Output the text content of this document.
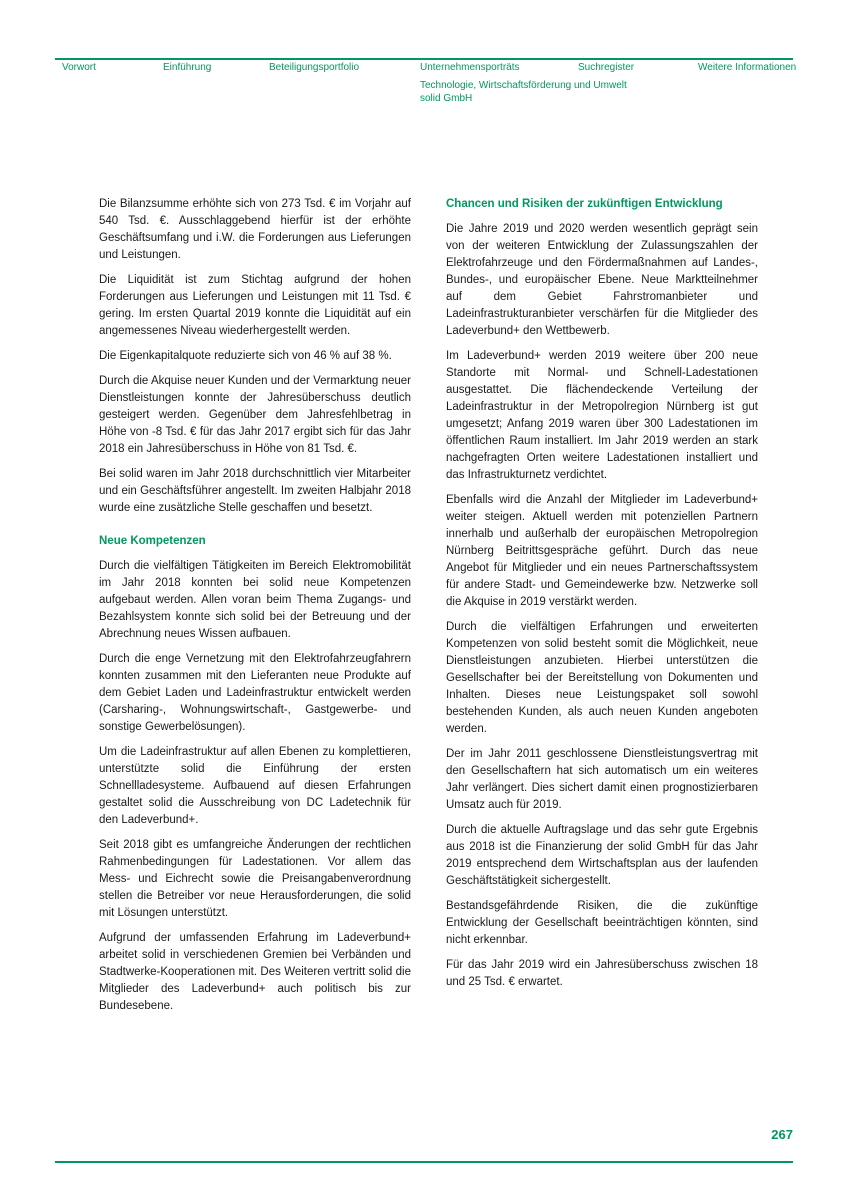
Vorwort	Einführung	Beteiligungsportfolio	Unternehmensporträts	Suchregister	Weitere Informationen
Technologie, Wirtschaftsförderung und Umwelt
solid GmbH

Die Bilanzsumme erhöhte sich von 273 Tsd. € im Vorjahr auf 540 Tsd. €. Ausschlaggebend hierfür ist der erhöhte Geschäftsumfang und i.W. die Forderungen aus Lieferungen und Leistungen.

Die Liquidität ist zum Stichtag aufgrund der hohen Forderungen aus Lieferungen und Leistungen mit 11 Tsd. € gering. Im ersten Quartal 2019 konnte die Liquidität auf ein angemessenes Niveau wiederhergestellt werden.

Die Eigenkapitalquote reduzierte sich von 46 % auf 38 %.

Durch die Akquise neuer Kunden und der Vermarktung neuer Dienstleistungen konnte der Jahresüberschuss deutlich gesteigert werden. Gegenüber dem Jahresfehlbetrag in Höhe von -8 Tsd. € für das Jahr 2017 ergibt sich für das Jahr 2018 ein Jahresüberschuss in Höhe von 81 Tsd. €.

Bei solid waren im Jahr 2018 durchschnittlich vier Mitarbeiter und ein Geschäftsführer angestellt. Im zweiten Halbjahr 2018 wurde eine zusätzliche Stelle geschaffen und besetzt.

Neue Kompetenzen

Durch die vielfältigen Tätigkeiten im Bereich Elektromobilität im Jahr 2018 konnten bei solid neue Kompetenzen aufgebaut werden. Allen voran beim Thema Zugangs- und Bezahlsystem konnte sich solid bei der Betreuung und der Abrechnung neues Wissen aufbauen.

Durch die enge Vernetzung mit den Elektrofahrzeugfahrern konnten zusammen mit den Lieferanten neue Produkte auf dem Gebiet Laden und Ladeinfrastruktur entwickelt werden (Carsharing-, Wohnungswirtschaft-, Gastgewerbe- und sonstige Gewerbelösungen).

Um die Ladeinfrastruktur auf allen Ebenen zu komplettieren, unterstützte solid die Einführung der ersten Schnellladesysteme. Aufbauend auf diesen Erfahrungen gestaltet solid die Ausschreibung von DC Ladetechnik für den Ladeverbund+.

Seit 2018 gibt es umfangreiche Änderungen der rechtlichen Rahmenbedingungen für Ladestationen. Vor allem das Mess- und Eichrecht sowie die Preisangabenverordnung stellen die Betreiber vor neue Herausforderungen, die solid mit Lösungen unterstützt.

Aufgrund der umfassenden Erfahrung im Ladeverbund+ arbeitet solid in verschiedenen Gremien bei Verbänden und Stadtwerke-Kooperationen mit. Des Weiteren vertritt solid die Mitglieder des Ladeverbund+ auch politisch bis zur Bundesebene.

Chancen und Risiken der zukünftigen Entwicklung

Die Jahre 2019 und 2020 werden wesentlich geprägt sein von der weiteren Entwicklung der Zulassungszahlen der Elektrofahrzeuge und den Fördermaßnahmen auf Landes-, Bundes-, und europäischer Ebene. Neue Marktteilnehmer auf dem Gebiet Fahrstromanbieter und Ladeinfrastrukturanbieter verschärfen für die Mitglieder des Ladeverbund+ den Wettbewerb.

Im Ladeverbund+ werden 2019 weitere über 200 neue Standorte mit Normal- und Schnell-Ladestationen ausgestattet. Die flächendeckende Verteilung der Ladeinfrastruktur in der Metropolregion Nürnberg ist gut umgesetzt; Anfang 2019 waren über 300 Ladestationen im öffentlichen Raum installiert. Im Jahr 2019 werden an stark nachgefragten Orten weitere Ladestationen installiert und das Infrastrukturnetz verdichtet.

Ebenfalls wird die Anzahl der Mitglieder im Ladeverbund+ weiter steigen. Aktuell werden mit potenziellen Partnern innerhalb und außerhalb der europäischen Metropolregion Nürnberg Beitrittsgespräche geführt. Durch das neue Angebot für Mitglieder und ein neues Partnerschaftssystem für andere Stadt- und Gemeindewerke bzw. Netzwerke soll die Akquise in 2019 verstärkt werden.

Durch die vielfältigen Erfahrungen und erweiterten Kompetenzen von solid besteht somit die Möglichkeit, neue Dienstleistungen anzubieten. Hierbei unterstützen die Gesellschafter bei der Bereitstellung von Dokumenten und Inhalten. Dieses neue Leistungspaket soll sowohl bestehenden Kunden, als auch neuen Kunden angeboten werden.

Der im Jahr 2011 geschlossene Dienstleistungsvertrag mit den Gesellschaftern hat sich automatisch um ein weiteres Jahr verlängert. Dies sichert damit einen prognostizierbaren Umsatz auch für 2019.

Durch die aktuelle Auftragslage und das sehr gute Ergebnis aus 2018 ist die Finanzierung der solid GmbH für das Jahr 2019 entsprechend dem Wirtschaftsplan aus der laufenden Geschäftstätigkeit sichergestellt.

Bestandsgefährdende Risiken, die die zukünftige Entwicklung der Gesellschaft beeinträchtigen könnten, sind nicht erkennbar.

Für das Jahr 2019 wird ein Jahresüberschuss zwischen 18 und 25 Tsd. € erwartet.

267
